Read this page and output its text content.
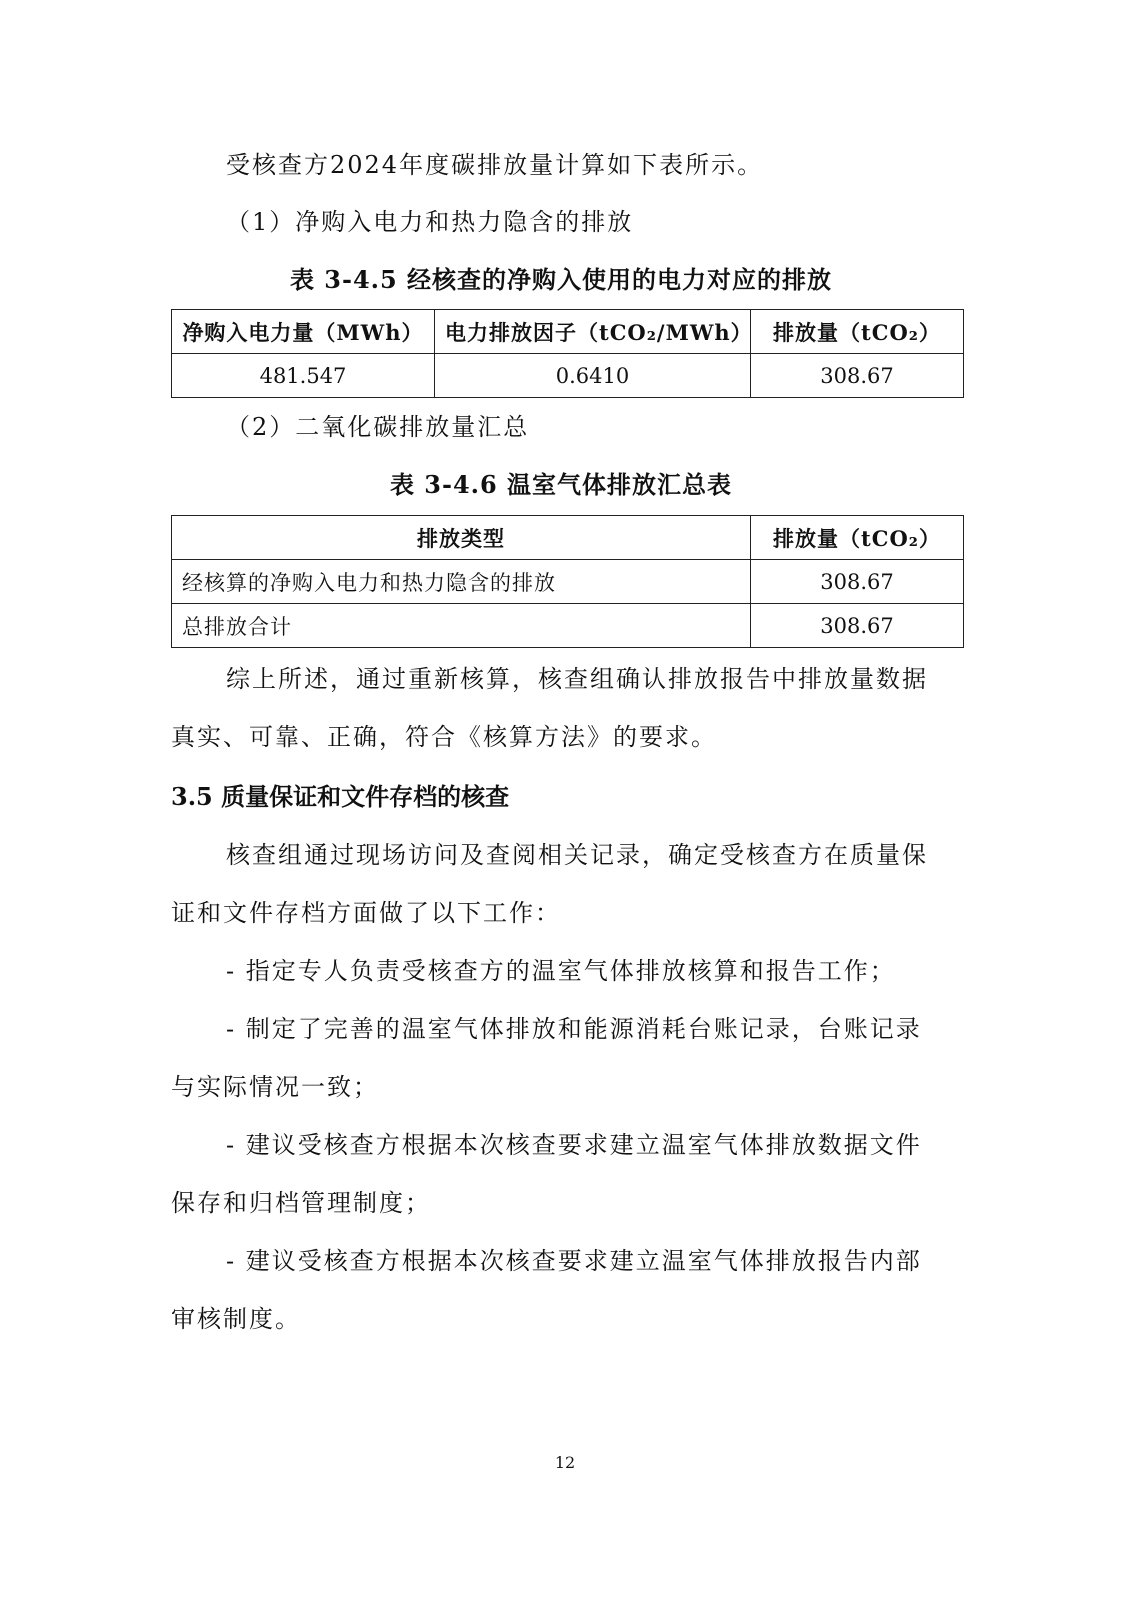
受核查方2024年度碳排放量计算如下表所示。
（1）净购入电力和热力隐含的排放
表 3-4.5 经核查的净购入使用的电力对应的排放
净购入电力量（MWh）	电力排放因子（tCO₂/MWh）	排放量（tCO₂）
481.547	0.6410	308.67
（2）二氧化碳排放量汇总
表 3-4.6 温室气体排放汇总表
排放类型	排放量（tCO₂）
经核算的净购入电力和热力隐含的排放	308.67
总排放合计	308.67
综上所述，通过重新核算，核查组确认排放报告中排放量数据
真实、可靠、正确，符合《核算方法》的要求。
3.5 质量保证和文件存档的核查
核查组通过现场访问及查阅相关记录，确定受核查方在质量保
证和文件存档方面做了以下工作：
- 指定专人负责受核查方的温室气体排放核算和报告工作；
- 制定了完善的温室气体排放和能源消耗台账记录，台账记录
与实际情况一致；
- 建议受核查方根据本次核查要求建立温室气体排放数据文件
保存和归档管理制度；
- 建议受核查方根据本次核查要求建立温室气体排放报告内部
审核制度。
12
